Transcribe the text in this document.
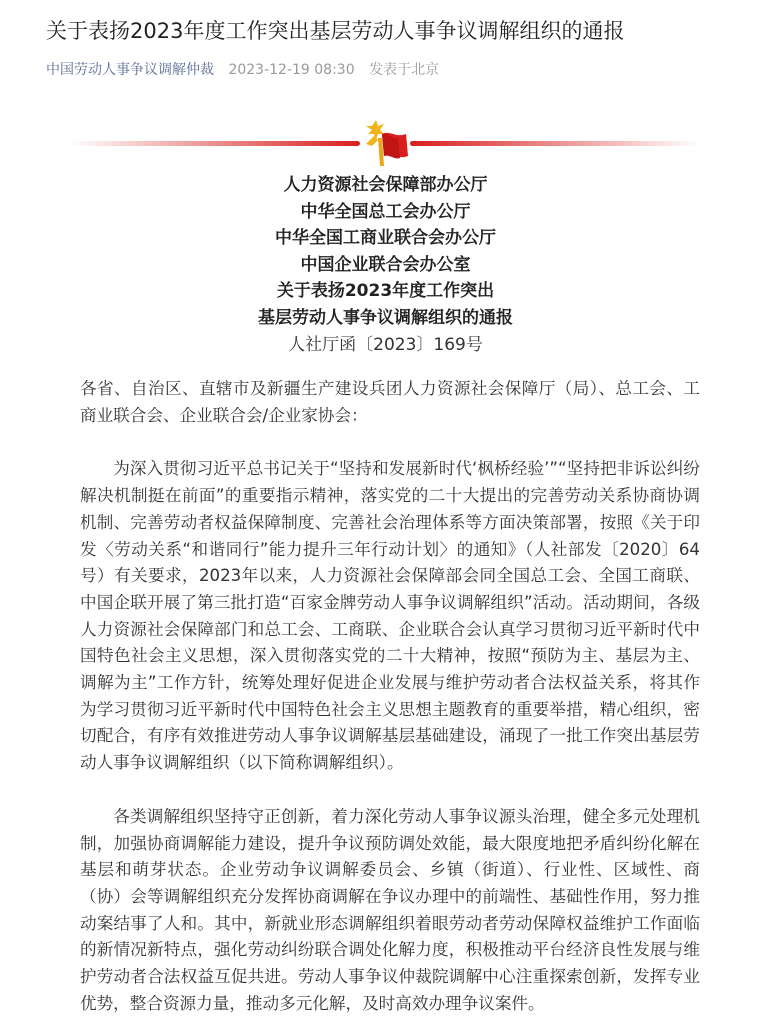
关于表扬2023年度工作突出基层劳动人事争议调解组织的通报
中国劳动人事争议调解仲裁 2023-12-19 08:30 发表于北京
人力资源社会保障部办公厅
中华全国总工会办公厅
中华全国工商业联合会办公厅
中国企业联合会办公室
关于表扬2023年度工作突出
基层劳动人事争议调解组织的通报
人社厅函〔2023〕169号

各省、自治区、直辖市及新疆生产建设兵团人力资源社会保障厅（局）、总工会、工商业联合会、企业联合会/企业家协会：

为深入贯彻习近平总书记关于“坚持和发展新时代‘枫桥经验’”“坚持把非诉讼纠纷解决机制挺在前面”的重要指示精神，落实党的二十大提出的完善劳动关系协商协调机制、完善劳动者权益保障制度、完善社会治理体系等方面决策部署，按照《关于印发〈劳动关系“和谐同行”能力提升三年行动计划〉的通知》（人社部发〔2020〕64号）有关要求，2023年以来，人力资源社会保障部会同全国总工会、全国工商联、中国企联开展了第三批打造“百家金牌劳动人事争议调解组织”活动。活动期间，各级人力资源社会保障部门和总工会、工商联、企业联合会认真学习贯彻习近平新时代中国特色社会主义思想，深入贯彻落实党的二十大精神，按照“预防为主、基层为主、调解为主”工作方针，统筹处理好促进企业发展与维护劳动者合法权益关系，将其作为学习贯彻习近平新时代中国特色社会主义思想主题教育的重要举措，精心组织，密切配合，有序有效推进劳动人事争议调解基层基础建设，涌现了一批工作突出基层劳动人事争议调解组织（以下简称调解组织）。

各类调解组织坚持守正创新，着力深化劳动人事争议源头治理，健全多元处理机制，加强协商调解能力建设，提升争议预防调处效能，最大限度地把矛盾纠纷化解在基层和萌芽状态。企业劳动争议调解委员会、乡镇（街道）、行业性、区域性、商（协）会等调解组织充分发挥协商调解在争议办理中的前端性、基础性作用，努力推动案结事了人和。其中，新就业形态调解组织着眼劳动者劳动保障权益维护工作面临的新情况新特点，强化劳动纠纷联合调处化解力度，积极推动平台经济良性发展与维护劳动者合法权益互促共进。劳动人事争议仲裁院调解中心注重探索创新，发挥专业优势，整合资源力量，推动多元化解，及时高效办理争议案件。
